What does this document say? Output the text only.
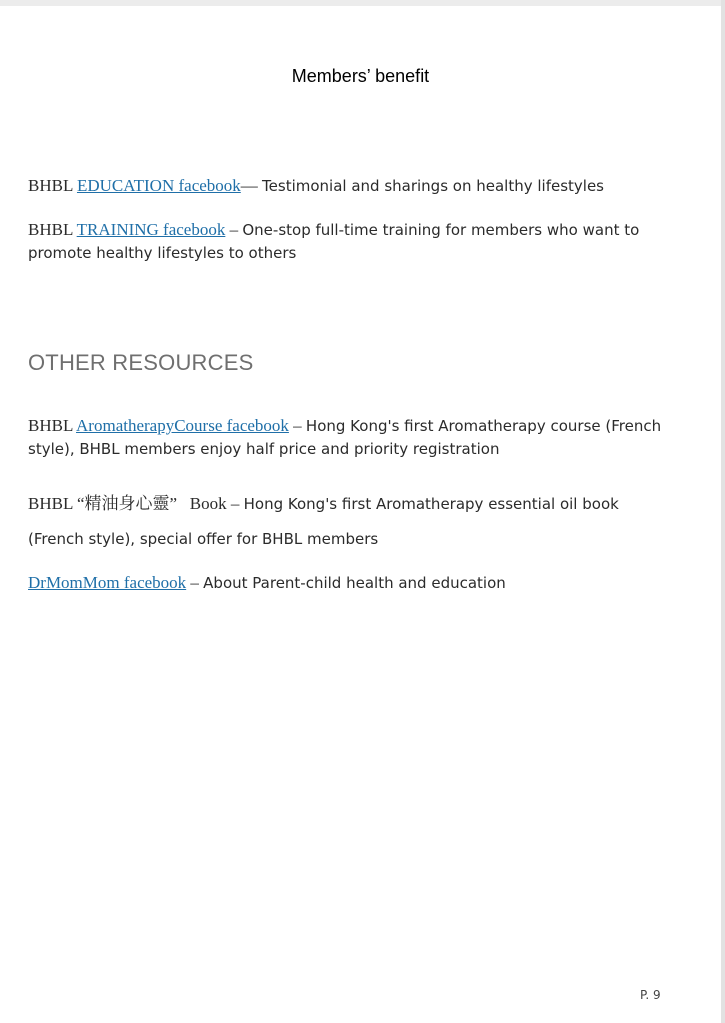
Members’ benefit
BHBL EDUCATION facebook— Testimonial and sharings on healthy lifestyles
BHBL TRAINING facebook – One-stop full-time training for members who want to promote healthy lifestyles to others
OTHER RESOURCES
BHBL AromatherapyCourse facebook – Hong Kong's first Aromatherapy course (French style), BHBL members enjoy half price and priority registration
BHBL “精油身心靈”   Book – Hong Kong's first Aromatherapy essential oil book
(French style), special offer for BHBL members
DrMomMom facebook – About Parent-child health and education
P. 9
